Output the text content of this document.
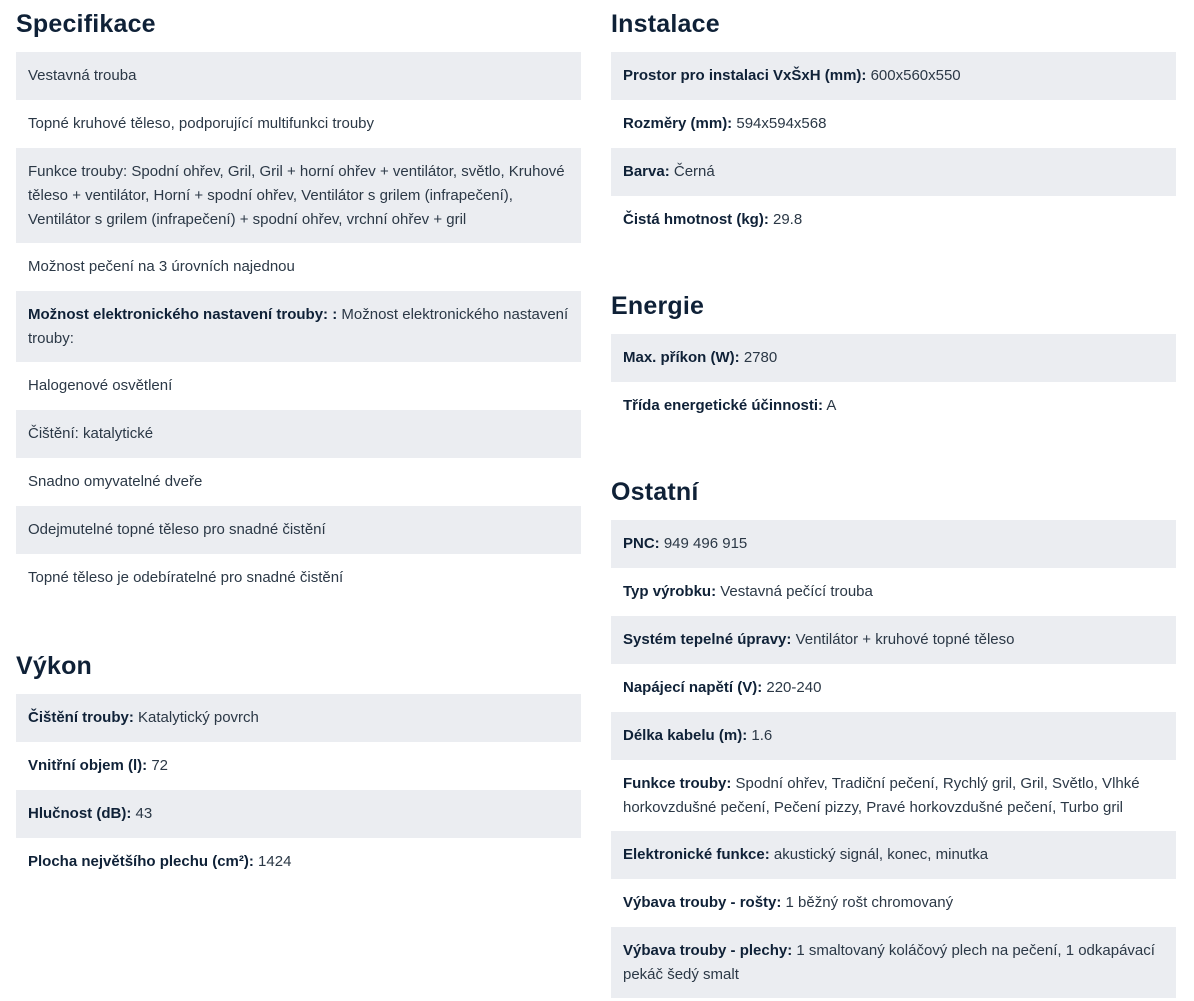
Specifikace
Vestavná trouba
Topné kruhové těleso, podporující multifunkci trouby
Funkce trouby: Spodní ohřev, Gril, Gril + horní ohřev + ventilátor, světlo, Kruhové těleso + ventilátor, Horní + spodní ohřev, Ventilátor s grilem (infrapečení), Ventilátor s grilem (infrapečení) + spodní ohřev, vrchní ohřev + gril
Možnost pečení na 3 úrovních najednou
Možnost elektronického nastavení trouby: : Možnost elektronického nastavení trouby:
Halogenové osvětlení
Čištění: katalytické
Snadno omyvatelné dveře
Odejmutelné topné těleso pro snadné čistění
Topné těleso je odebíratelné pro snadné čistění
Výkon
Čištění trouby: Katalytický povrch
Vnitřní objem (l): 72
Hlučnost (dB): 43
Plocha největšího plechu (cm²): 1424
Instalace
Prostor pro instalaci VxŠxH (mm): 600x560x550
Rozměry (mm): 594x594x568
Barva: Černá
Čistá hmotnost (kg): 29.8
Energie
Max. příkon (W): 2780
Třída energetické účinnosti: A
Ostatní
PNC: 949 496 915
Typ výrobku: Vestavná pečící trouba
Systém tepelné úpravy: Ventilátor + kruhové topné těleso
Napájecí napětí (V): 220-240
Délka kabelu (m): 1.6
Funkce trouby: Spodní ohřev, Tradiční pečení, Rychlý gril, Gril, Světlo, Vlhké horkovzdušné pečení, Pečení pizzy, Pravé horkovzdušné pečení, Turbo gril
Elektronické funkce: akustický signál, konec, minutka
Výbava trouby - rošty: 1 běžný rošt chromovaný
Výbava trouby - plechy: 1 smaltovaný koláčový plech na pečení, 1 odkapávací pekáč šedý smalt
